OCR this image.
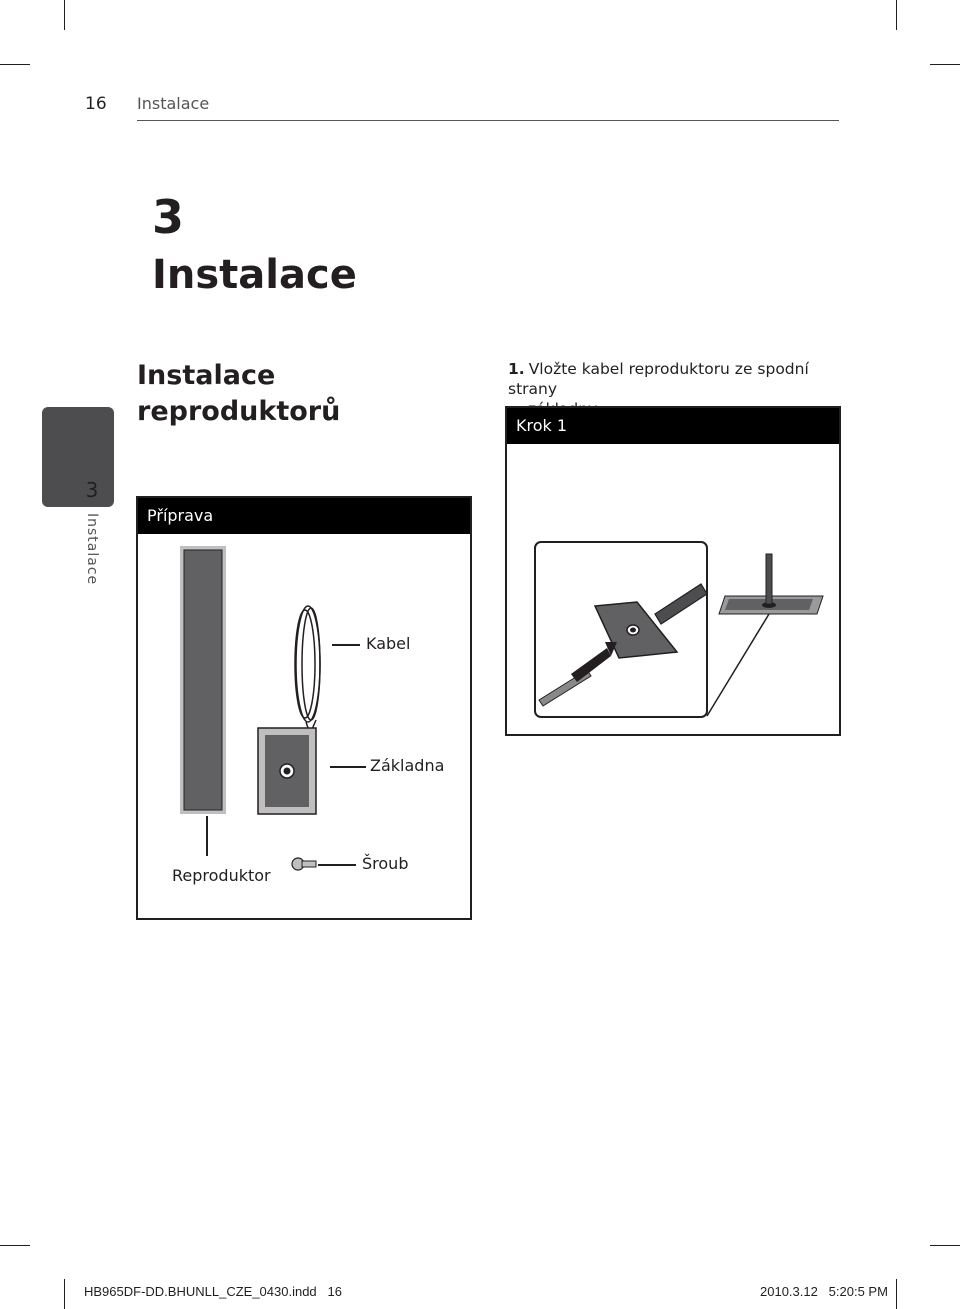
16 Instalace
3
Instalace
Instalace
reproduktorů
1. Vložte kabel reproduktoru ze spodní strany
3
Instalace
Krok 1
Příprava
Kabel
Základna
Reproduktor
Šroub
HB965DF-DD.BHUNLL_CZE_0430.indd   16	2010.3.12   5:20:5 PM
